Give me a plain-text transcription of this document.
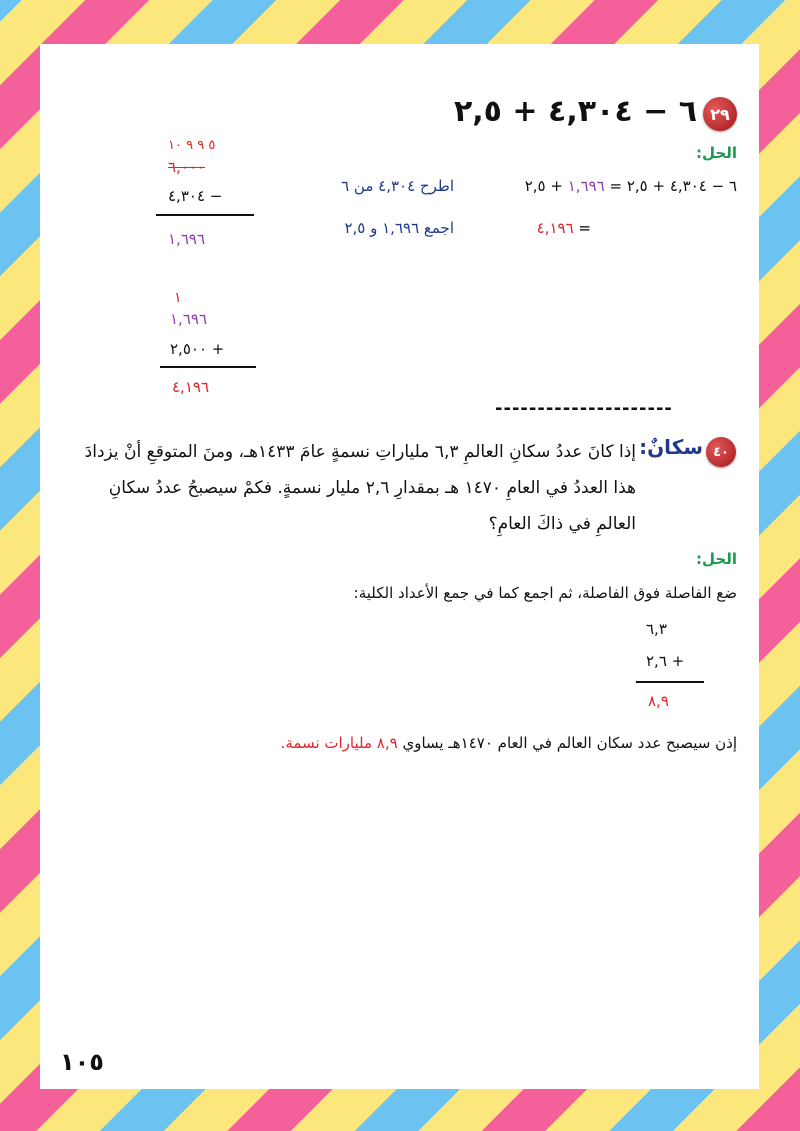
٢٩
٦ − ٤,٣٠٤ + ٢,٥
الحل:
٦ − ٤,٣٠٤ + ٢,٥ = ١,٦٩٦ + ٢,٥
اطرح ٤,٣٠٤ من ٦
= ٤,١٩٦
اجمع ١,٦٩٦ و ٢,٥
٥ ٩ ٩ ١٠
٦,٠٠٠
٤,٣٠٤ −
١,٦٩٦
١
١,٦٩٦
٢,٥٠٠ +
٤,١٩٦
---------------------
٤٠
سكانٌ:
إذا كانَ عددُ سكانِ العالمِ ٦,٣ ملياراتِ نسمةٍ عامَ ١٤٣٣هـ، ومنَ المتوقعِ أنْ يزدادَ هذا العددُ في العامِ ١٤٧٠ هـ بمقدارِ ٢,٦ مليار نسمةٍ. فكمْ سيصبحُ عددُ سكانِ العالمِ في ذاكَ العامِ؟
الحل:
ضع الفاصلة فوق الفاصلة، ثم اجمع كما في جمع الأعداد الكلية:
٦,٣
٢,٦ +
٨,٩
إذن سيصبح عدد سكان العالم في العام ١٤٧٠هـ يساوي ٨,٩ مليارات نسمة.
١٠٥
